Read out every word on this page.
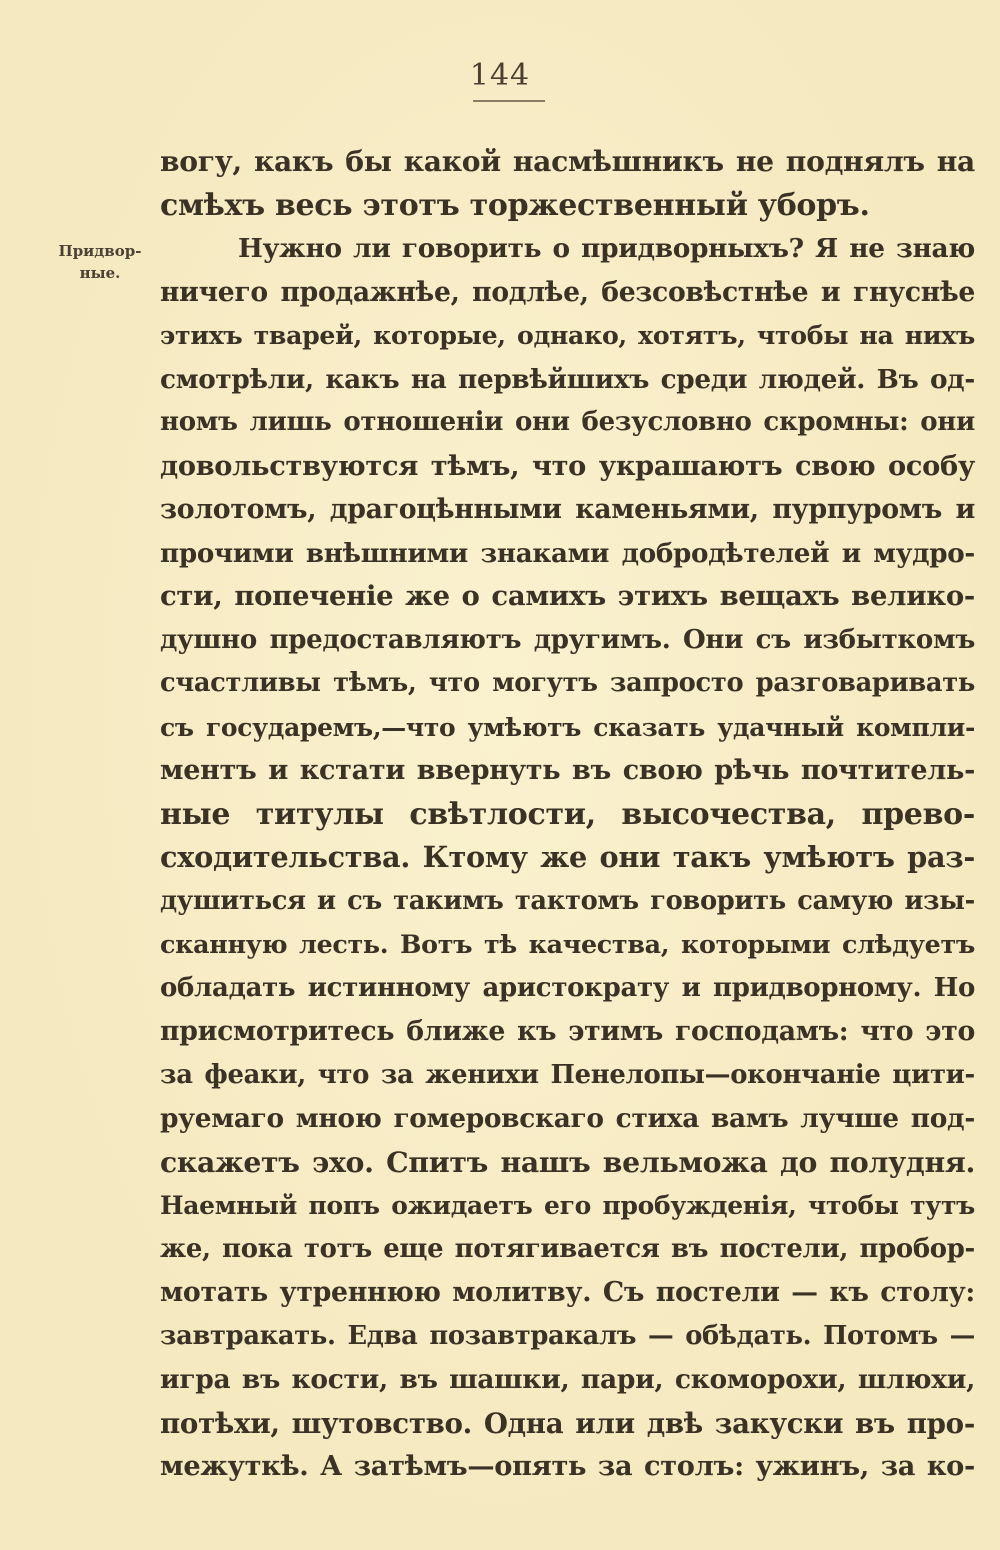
144
Придвор-
ные.
вогу, какъ бы какой насмѣшникъ не поднялъ на
смѣхъ весь этотъ торжественный уборъ.
Нужно ли говорить о придворныхъ? Я не знаю
ничего продажнѣе, подлѣе, безсовѣстнѣе и гнуснѣе
этихъ тварей, которые, однако, хотятъ, чтобы на нихъ
смотрѣли, какъ на первѣйшихъ среди людей. Въ од-
номъ лишь отношеніи они безусловно скромны: они
довольствуются тѣмъ, что украшаютъ свою особу
золотомъ, драгоцѣнными каменьями, пурпуромъ и
прочими внѣшними знаками добродѣтелей и мудро-
сти, попеченіе же о самихъ этихъ вещахъ велико-
душно предоставляютъ другимъ. Они съ избыткомъ
счастливы тѣмъ, что могутъ запросто разговаривать
съ государемъ,—что умѣютъ сказать удачный компли-
ментъ и кстати ввернуть въ свою рѣчь почтитель-
ные титулы свѣтлости, высочества, прево-
сходительства. Ктому же они такъ умѣютъ раз-
душиться и съ такимъ тактомъ говорить самую изы-
сканную лесть. Вотъ тѣ качества, которыми слѣдуетъ
обладать истинному аристократу и придворному. Но
присмотритесь ближе къ этимъ господамъ: что это
за феаки, что за женихи Пенелопы—окончаніе цити-
руемаго мною гомеровскаго стиха вамъ лучше под-
скажетъ эхо. Спитъ нашъ вельможа до полудня.
Наемный попъ ожидаетъ его пробужденія, чтобы тутъ
же, пока тотъ еще потягивается въ постели, пробор-
мотать утреннюю молитву. Съ постели — къ столу:
завтракать. Едва позавтракалъ — обѣдать. Потомъ —
игра въ кости, въ шашки, пари, скоморохи, шлюхи,
потѣхи, шутовство. Одна или двѣ закуски въ про-
межуткѣ. А затѣмъ—опять за столъ: ужинъ, за ко-
